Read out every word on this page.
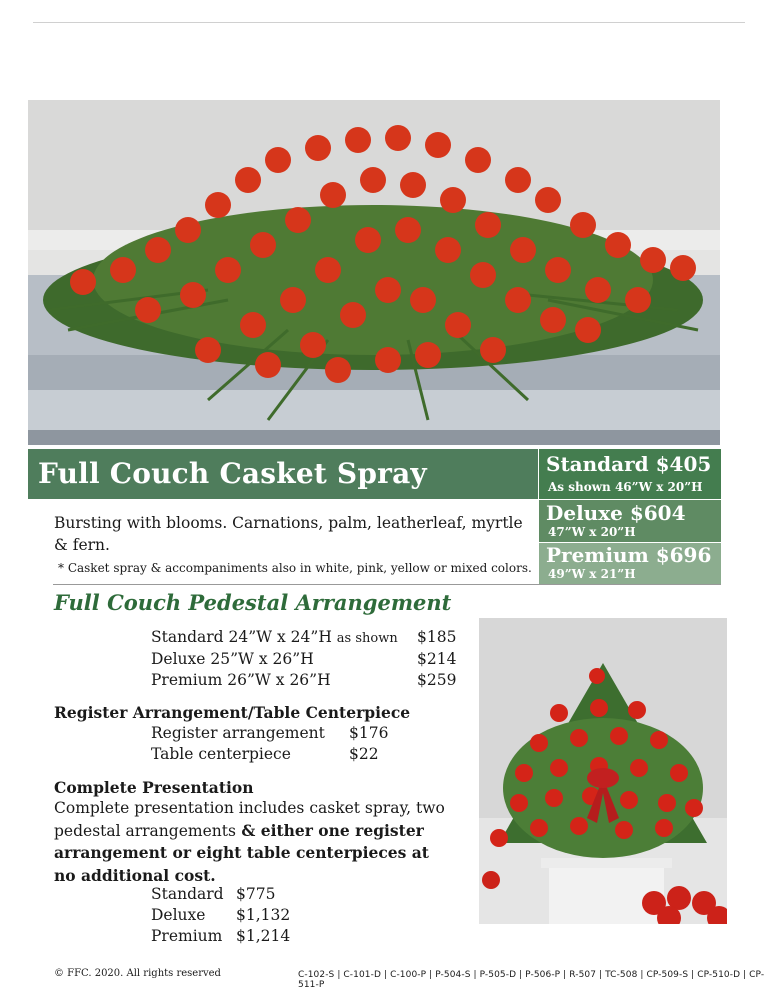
Full Couch Casket Spray	Standard $405
As shown 46”W x 20”H
Deluxe $604
47”W x 20”H
Premium $696
49”W x 21”H
Bursting with blooms. Carnations, palm, leatherleaf, myrtle & fern.
* Casket spray & accompaniments also in white, pink, yellow or mixed colors.
Full Couch Pedestal Arrangement
Standard 24”W x 24”H as shown $185
Deluxe 25”W x 26”H	$214
Premium 26”W x 26”H	$259
Register Arrangement/Table Centerpiece
Register arrangement $176
Table centerpiece	$22
Complete Presentation
Complete presentation includes casket spray, two pedestal arrangements & either one register arrangement or eight table centerpieces at no additional cost.
Standard $775
Deluxe $1,132
Premium $1,214
© FFC. 2020. All rights reserved	C-102-S | C-101-D | C-100-P | P-504-S | P-505-D | P-506-P | R-507 | TC-508 | CP-509-S | CP-510-D | CP-511-P
